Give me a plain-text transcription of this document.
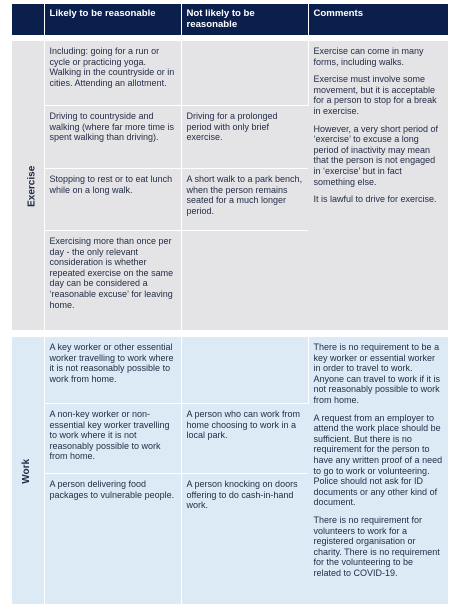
	Likely to be reasonable	Not likely to be reasonable	Comments

Exercise	Including: going for a run or cycle or practicing yoga. Walking in the countryside or in cities. Attending an allotment.		Exercise can come in many forms, including walks.

Exercise must involve some movement, but it is acceptable for a person to stop for a break in exercise.

However, a very short period of ‘exercise’ to excuse a long period of inactivity may mean that the person is not engaged in ‘exercise’ but in fact something else.

It is lawful to drive for exercise.

	Driving to countryside and walking (where far more time is spent walking than driving).	Driving for a prolonged period with only brief exercise.	
	Stopping to rest or to eat lunch while on a long walk.	A short walk to a park bench, when the person remains seated for a much longer period.	
	Exercising more than once per day - the only relevant consideration is whether repeated exercise on the same day can be considered a ‘reasonable excuse’ for leaving home.		

Work	A key worker or other essential worker travelling to work where it is not reasonably possible to work from home.		There is no requirement to be a key worker or essential worker in order to travel to work. Anyone can travel to work if it is not reasonably possible to work from home.

A request from an employer to attend the work place should be sufficient. But there is no requirement for the person to have any written proof of a need to go to work or volunteering. Police should not ask for ID documents or any other kind of document.

There is no requirement for volunteers to work for a registered organisation or charity. There is no requirement for the volunteering to be related to COVID-19.

	A non-key worker or non-essential key worker travelling to work where it is not reasonably possible to work from home.	A person who can work from home choosing to work in a local park.	
	A person delivering food packages to vulnerable people.	A person knocking on doors offering to do cash-in-hand work.	
